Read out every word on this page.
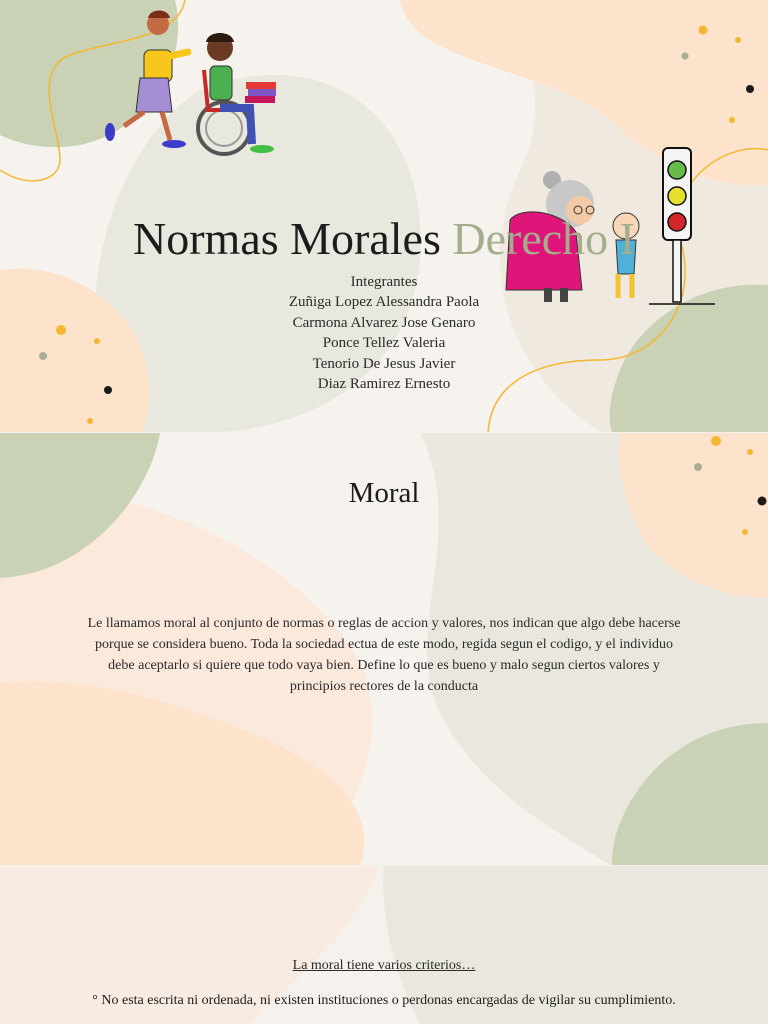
Normas Morales Derecho I
Integrantes
Zuñiga Lopez Alessandra Paola
Carmona Alvarez Jose Genaro
Ponce Tellez Valeria
Tenorio De Jesus Javier
Diaz Ramirez Ernesto
Moral
Le llamamos moral al conjunto de normas o reglas de accion y valores, nos indican que algo debe hacerse porque se considera bueno. Toda la sociedad ectua de este modo, regida segun el codigo, y el individuo debe aceptarlo si quiere que todo vaya bien. Define lo que es bueno y malo segun ciertos valores y principios rectores de la conducta
La moral tiene varios criterios…
° No esta escrita ni ordenada, ni existen instituciones o perdonas encargadas de vigilar su cumplimiento.
